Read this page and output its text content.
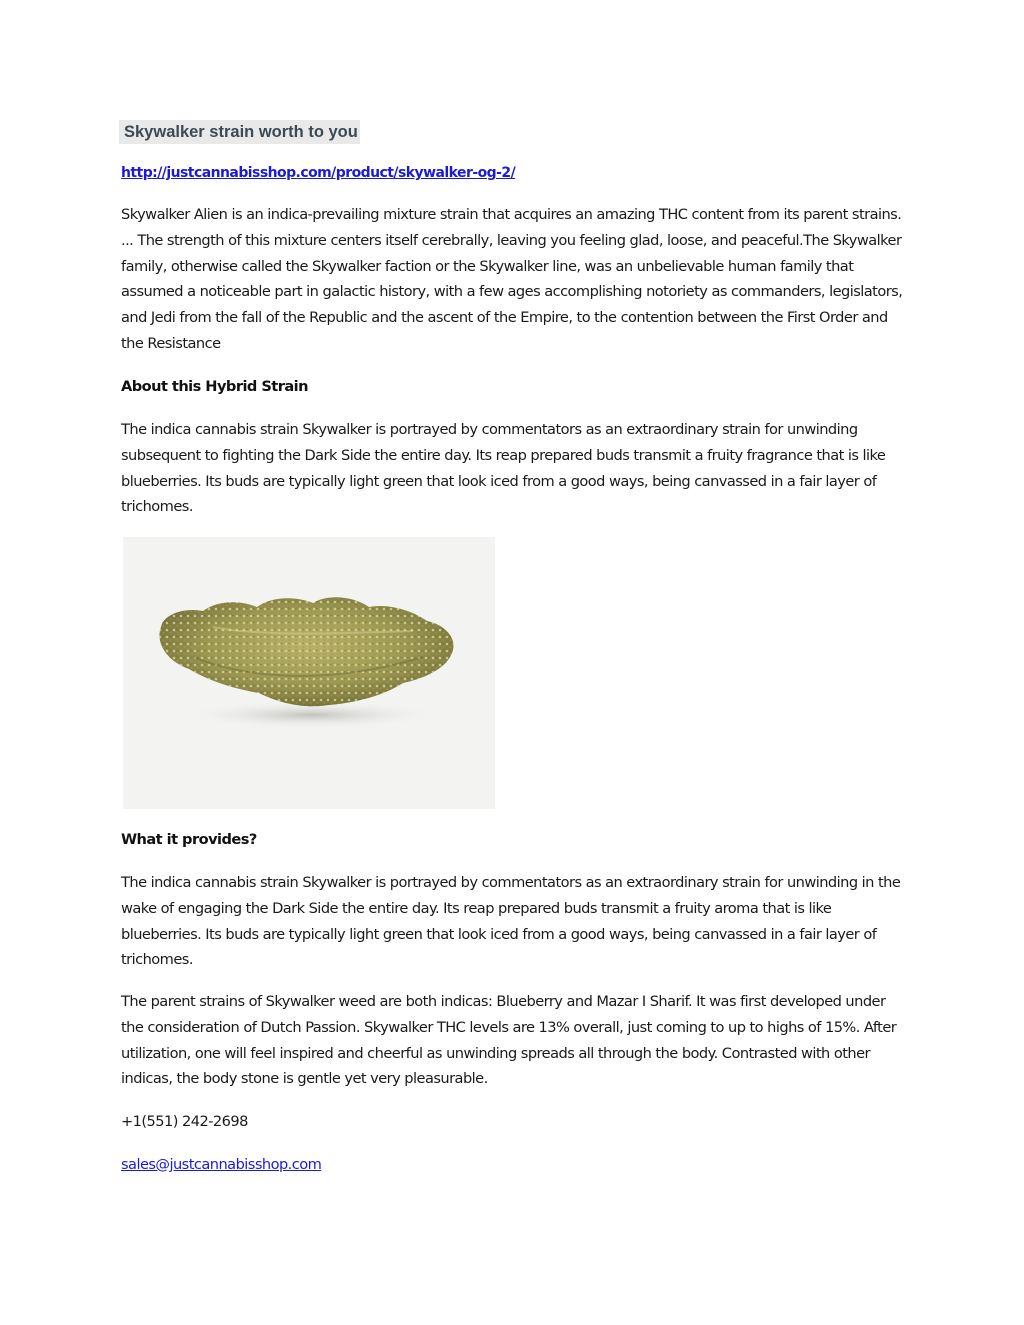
Skywalker strain worth to you
http://justcannabisshop.com/product/skywalker-og-2/

Skywalker Alien is an indica-prevailing mixture strain that acquires an amazing THC content from its parent strains. ... The strength of this mixture centers itself cerebrally, leaving you feeling glad, loose, and peaceful.The Skywalker family, otherwise called the Skywalker faction or the Skywalker line, was an unbelievable human family that assumed a noticeable part in galactic history, with a few ages accomplishing notoriety as commanders, legislators, and Jedi from the fall of the Republic and the ascent of the Empire, to the contention between the First Order and the Resistance

About this Hybrid Strain

The indica cannabis strain Skywalker is portrayed by commentators as an extraordinary strain for unwinding subsequent to fighting the Dark Side the entire day. Its reap prepared buds transmit a fruity fragrance that is like blueberries. Its buds are typically light green that look iced from a good ways, being canvassed in a fair layer of trichomes.

What it provides?

The indica cannabis strain Skywalker is portrayed by commentators as an extraordinary strain for unwinding in the wake of engaging the Dark Side the entire day. Its reap prepared buds transmit a fruity aroma that is like blueberries. Its buds are typically light green that look iced from a good ways, being canvassed in a fair layer of trichomes.

The parent strains of Skywalker weed are both indicas: Blueberry and Mazar I Sharif. It was first developed under the consideration of Dutch Passion. Skywalker THC levels are 13% overall, just coming to up to highs of 15%. After utilization, one will feel inspired and cheerful as unwinding spreads all through the body. Contrasted with other indicas, the body stone is gentle yet very pleasurable.

+1(551) 242-2698
sales@justcannabisshop.com
